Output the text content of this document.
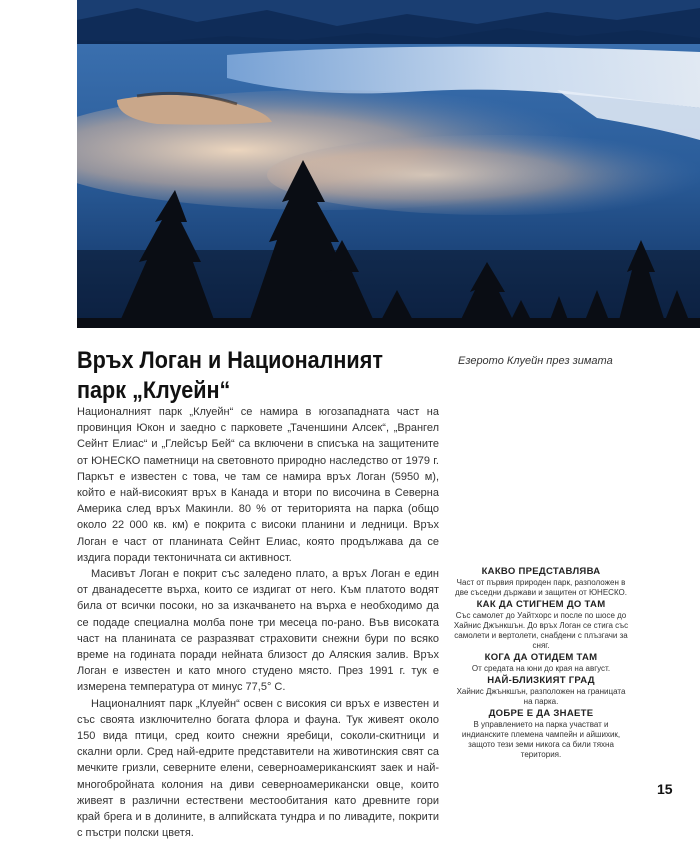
Връх Логан и Националният парк „Клуейн“
Езерото Клуейн през зимата

Националният парк „Клуейн“ се намира в югозападната част на провинция Юкон и заедно с парковете „Таченшини Алсек“, „Врангел Сейнт Елиас“ и „Глейсър Бей“ са включени в списъка на защитените от ЮНЕСКО паметници на световното природно наследство от 1979 г. Паркът е известен с това, че там се намира връх Логан (5950 м), който е най-високият връх в Канада и втори по височина в Северна Америка след връх Макинли. 80 % от територията на парка (общо около 22 000 кв. км) е покрита с високи планини и ледници. Връх Логан е част от планината Сейнт Елиас, която продължава да се издига поради тектоничната си активност.

Масивът Логан е покрит със заледено плато, а връх Логан е един от дванадесетте върха, които се издигат от него. Към платото водят била от всички посоки, но за изкачването на върха е необходимо да се подаде специална молба поне три месеца по-рано. Във високата част на планината се разразяват страховити снежни бури по всяко време на годината поради нейната близост до Аляския залив. Връх Логан е известен и като много студено място. През 1991 г. тук е измерена температура от минус 77,5° С.

Националният парк „Клуейн“ освен с високия си връх е известен и със своята изключително богата флора и фауна. Тук живеят около 150 вида птици, сред които снежни яребици, соколи-скитници и скални орли. Сред най-едрите представители на животинския свят са мечките гризли, северните елени, северноамериканският заек и най-многобройната колония на диви северноамерикански овце, които живеят в различни естествени местообитания като древните гори край брега и в долините, в алпийската тундра и по ливадите, покрити с пъстри полски цветя.

КАКВО ПРЕДСТАВЛЯВА
Част от първия природен парк, разположен в две съседни държави и защитен от ЮНЕСКО.
КАК ДА СТИГНЕМ ДО ТАМ
Със самолет до Уайтхорс и после по шосе до Хайнис Джънкшън. До връх Логан се стига със самолети и вертолети, снабдени с плъзгачи за сняг.
КОГА ДА ОТИДЕМ ТАМ
От средата на юни до края на август.
НАЙ-БЛИЗКИЯТ ГРАД
Хайнис Джънкшън, разположен на границата на парка.
ДОБРЕ Е ДА ЗНАЕТЕ
В управлението на парка участват и индианските племена чампейн и айшихик, защото тези земи никога са били тяхна територия.
15
